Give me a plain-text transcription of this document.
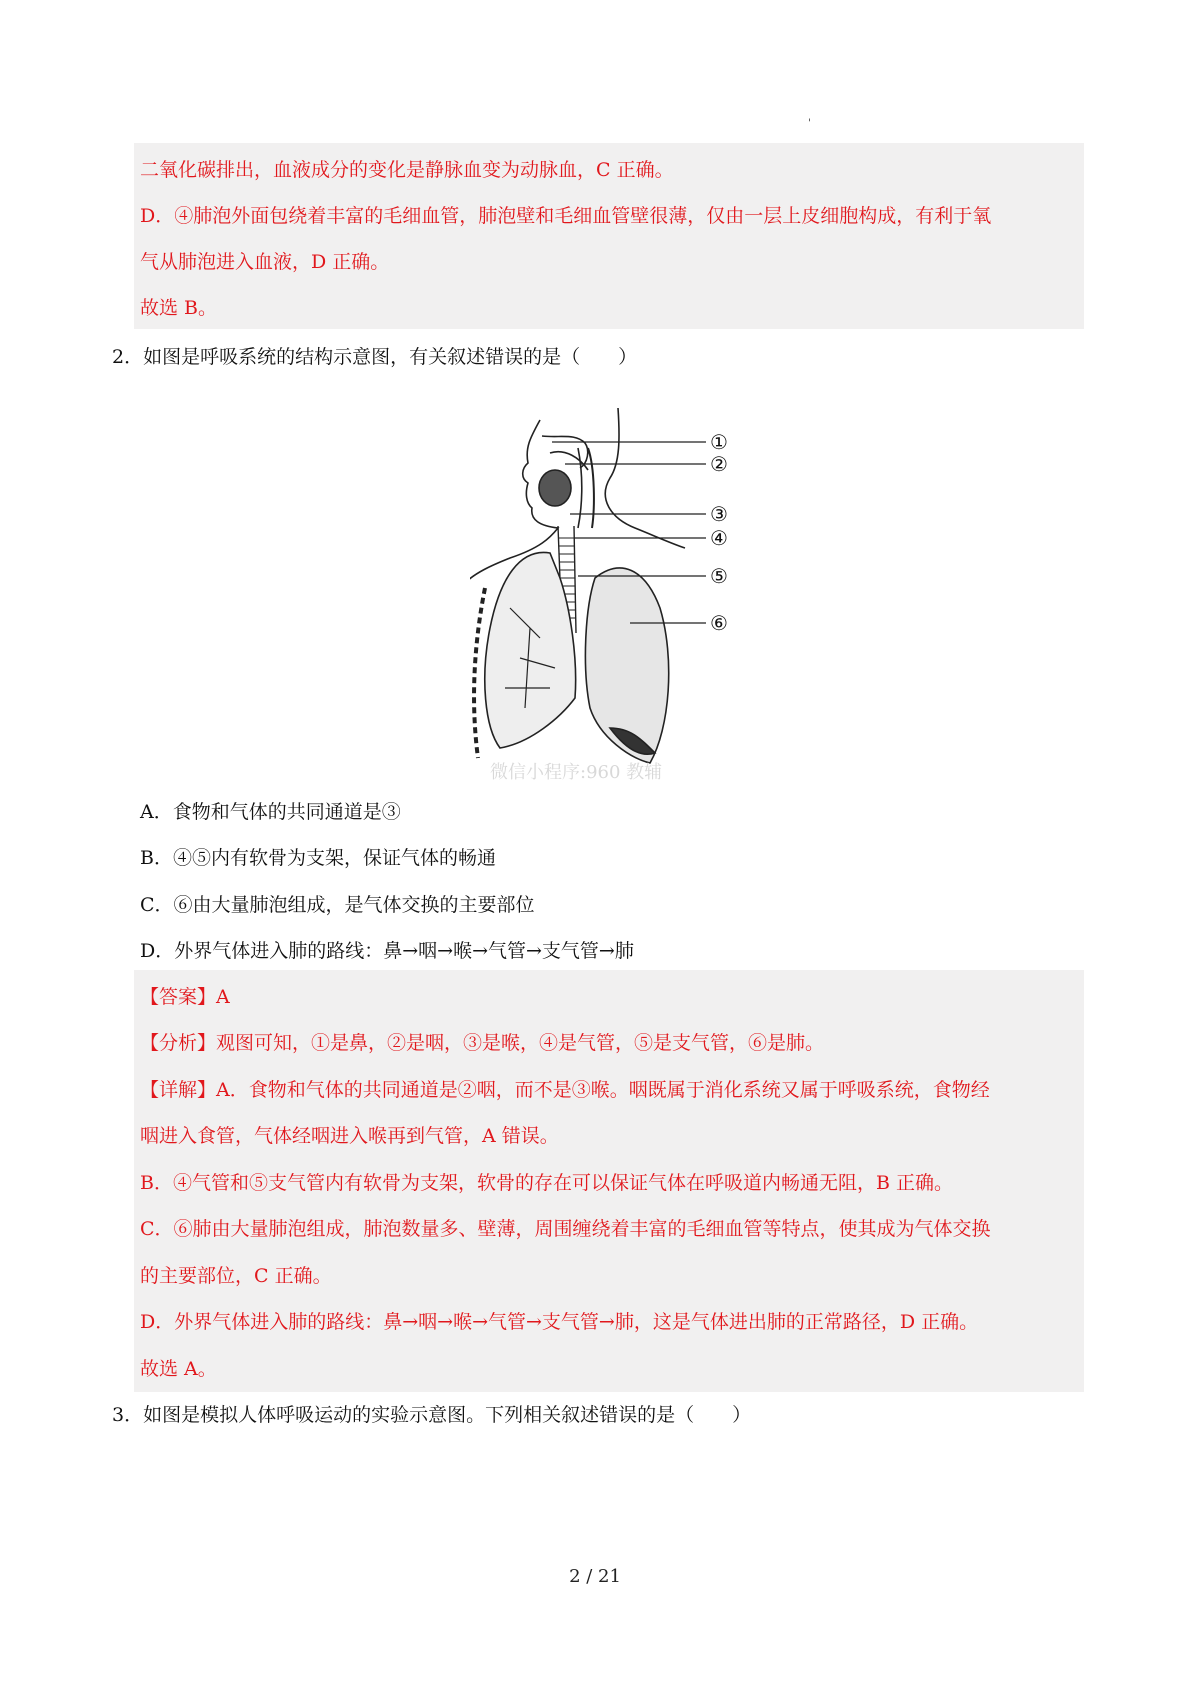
'
二氧化碳排出，血液成分的变化是静脉血变为动脉血，C 正确。
D．④肺泡外面包绕着丰富的毛细血管，肺泡壁和毛细血管壁很薄，仅由一层上皮细胞构成，有利于氧
气从肺泡进入血液，D 正确。
故选 B。
2．如图是呼吸系统的结构示意图，有关叙述错误的是（　　）
①
②
③
④
⑤
⑥
微信小程序:960 教辅
A．食物和气体的共同通道是③
B．④⑤内有软骨为支架，保证气体的畅通
C．⑥由大量肺泡组成，是气体交换的主要部位
D．外界气体进入肺的路线：鼻→咽→喉→气管→支气管→肺
【答案】A
【分析】观图可知，①是鼻，②是咽，③是喉，④是气管，⑤是支气管，⑥是肺。
【详解】A．食物和气体的共同通道是②咽，而不是③喉。咽既属于消化系统又属于呼吸系统，食物经
咽进入食管，气体经咽进入喉再到气管，A 错误。
B．④气管和⑤支气管内有软骨为支架，软骨的存在可以保证气体在呼吸道内畅通无阻，B 正确。
C．⑥肺由大量肺泡组成，肺泡数量多、壁薄，周围缠绕着丰富的毛细血管等特点，使其成为气体交换
的主要部位，C 正确。
D．外界气体进入肺的路线：鼻→咽→喉→气管→支气管→肺，这是气体进出肺的正常路径，D 正确。
故选 A。
3．如图是模拟人体呼吸运动的实验示意图。下列相关叙述错误的是（　　）
2 / 21
